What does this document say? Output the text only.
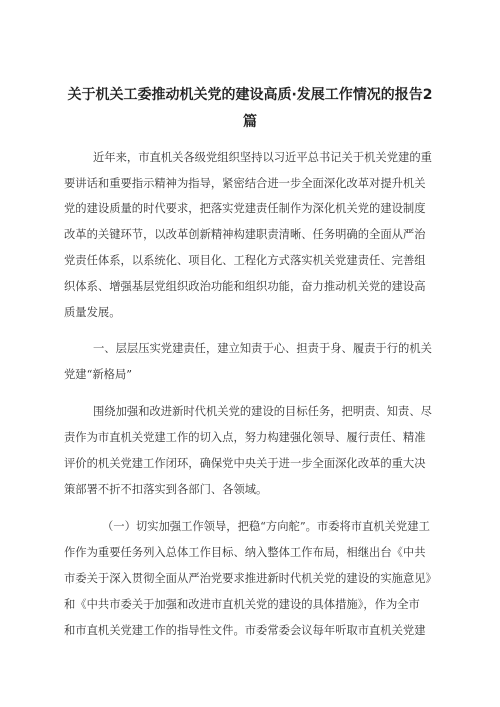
关于机关工委推动机关党的建设高质·发展工作情况的报告2
篇
近年来，市直机关各级党组织坚持以习近平总书记关于机关党建的重
要讲话和重要指示精神为指导，紧密结合进一步全面深化改革对提升机关
党的建设质量的时代要求，把落实党建责任制作为深化机关党的建设制度
改革的关键环节，以改革创新精神构建职责清晰、任务明确的全面从严治
党责任体系，以系统化、项目化、工程化方式落实机关党建责任、完善组
织体系、增强基层党组织政治功能和组织功能，奋力推动机关党的建设高
质量发展。
一、层层压实党建责任，建立知责于心、担责于身、履责于行的机关
党建“新格局”
围绕加强和改进新时代机关党的建设的目标任务，把明责、知责、尽
责作为市直机关党建工作的切入点，努力构建强化领导、履行责任、精准
评价的机关党建工作闭环，确保党中央关于进一步全面深化改革的重大决
策部署不折不扣落实到各部门、各领域。
（一）切实加强工作领导，把稳“方向舵”。市委将市直机关党建工
作作为重要任务列入总体工作目标、纳入整体工作布局，相继出台《中共
市委关于深入贯彻全面从严治党要求推进新时代机关党的建设的实施意见》
和《中共市委关于加强和改进市直机关党的建设的具体措施》，作为全市
和市直机关党建工作的指导性文件。市委常委会议每年听取市直机关党建
